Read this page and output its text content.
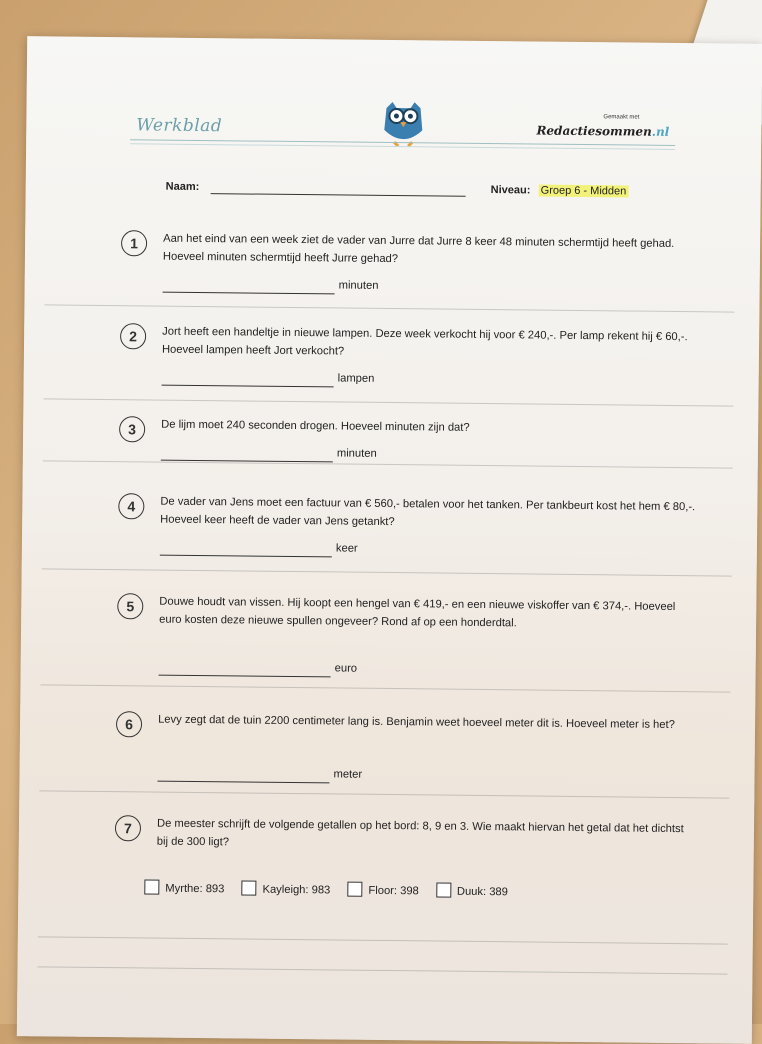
Werkblad	Gemaakt met
Redactiesommen.nl
Naam:	Niveau: Groep 6 - Midden
1	Aan het eind van een week ziet de vader van Jurre dat Jurre 8 keer 48 minuten schermtijd heeft gehad. Hoeveel minuten schermtijd heeft Jurre gehad?
minuten
2	Jort heeft een handeltje in nieuwe lampen. Deze week verkocht hij voor € 240,-. Per lamp rekent hij € 60,-. Hoeveel lampen heeft Jort verkocht?
lampen
3	De lijm moet 240 seconden drogen. Hoeveel minuten zijn dat?
minuten
4	De vader van Jens moet een factuur van € 560,- betalen voor het tanken. Per tankbeurt kost het hem € 80,-. Hoeveel keer heeft de vader van Jens getankt?
keer
5	Douwe houdt van vissen. Hij koopt een hengel van € 419,- en een nieuwe viskoffer van € 374,-. Hoeveel euro kosten deze nieuwe spullen ongeveer? Rond af op een honderdtal.
euro
6	Levy zegt dat de tuin 2200 centimeter lang is. Benjamin weet hoeveel meter dit is. Hoeveel meter is het?
meter
7	De meester schrijft de volgende getallen op het bord: 8, 9 en 3. Wie maakt hiervan het getal dat het dichtst bij de 300 ligt?
Myrthe: 893	Kayleigh: 983	Floor: 398	Duuk: 389
